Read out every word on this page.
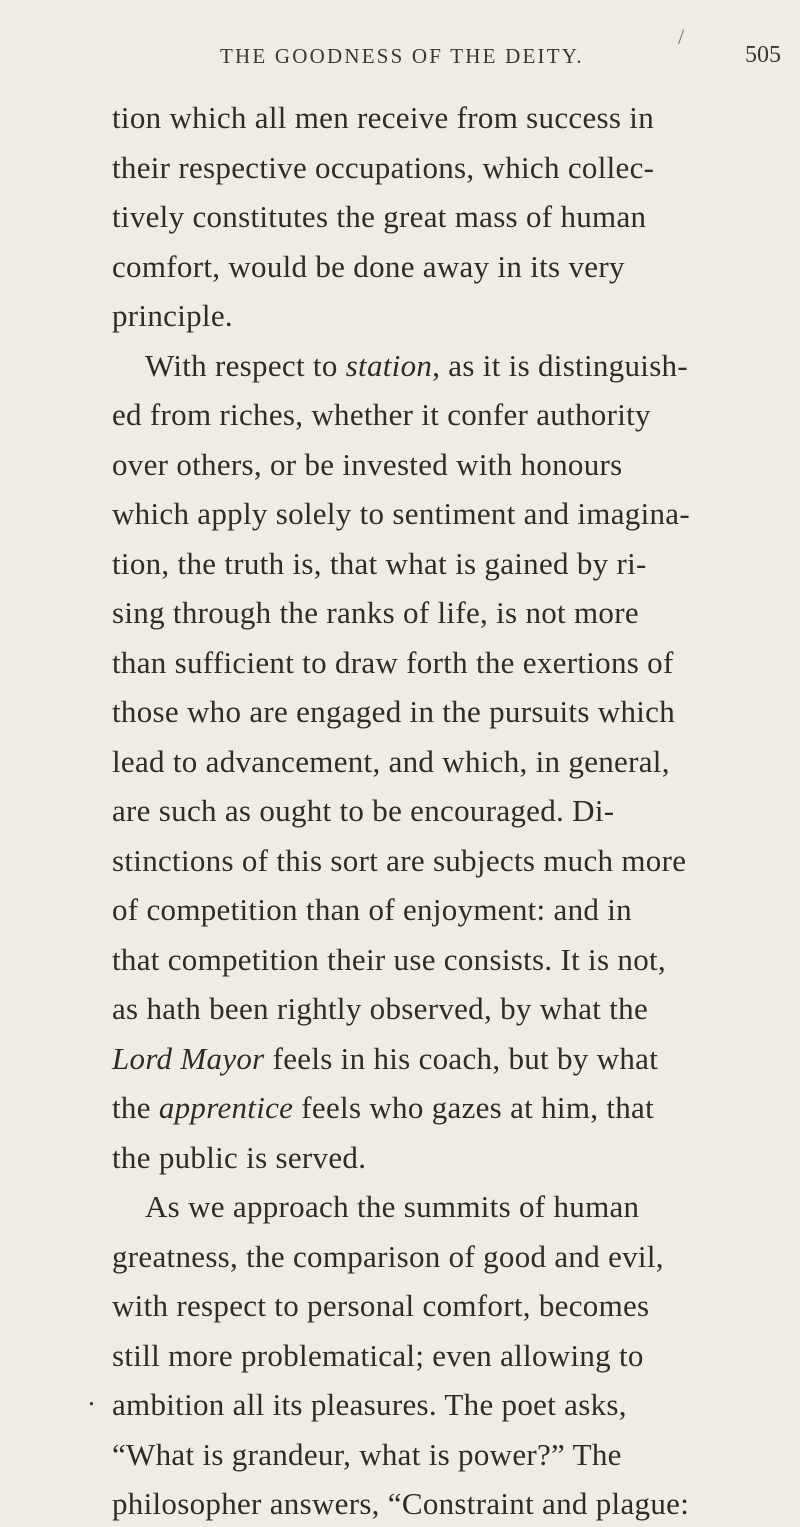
/
THE GOODNESS OF THE DEITY.	505
tion which all men receive from success in
their respective occupations, which collec-
tively constitutes the great mass of human
comfort, would be done away in its very
principle.
With respect to station, as it is distinguish-
ed from riches, whether it confer authority
over others, or be invested with honours
which apply solely to sentiment and imagina-
tion, the truth is, that what is gained by ri-
sing through the ranks of life, is not more
than sufficient to draw forth the exertions of
those who are engaged in the pursuits which
lead to advancement, and which, in general,
are such as ought to be encouraged. Di-
stinctions of this sort are subjects much more
of competition than of enjoyment: and in
that competition their use consists. It is not,
as hath been rightly observed, by what the
Lord Mayor feels in his coach, but by what
the apprentice feels who gazes at him, that
the public is served.
As we approach the summits of human
greatness, the comparison of good and evil,
with respect to personal comfort, becomes
still more problematical; even allowing to
ambition all its pleasures. The poet asks,
“What is grandeur, what is power?” The
philosopher answers, “Constraint and plague:
.
